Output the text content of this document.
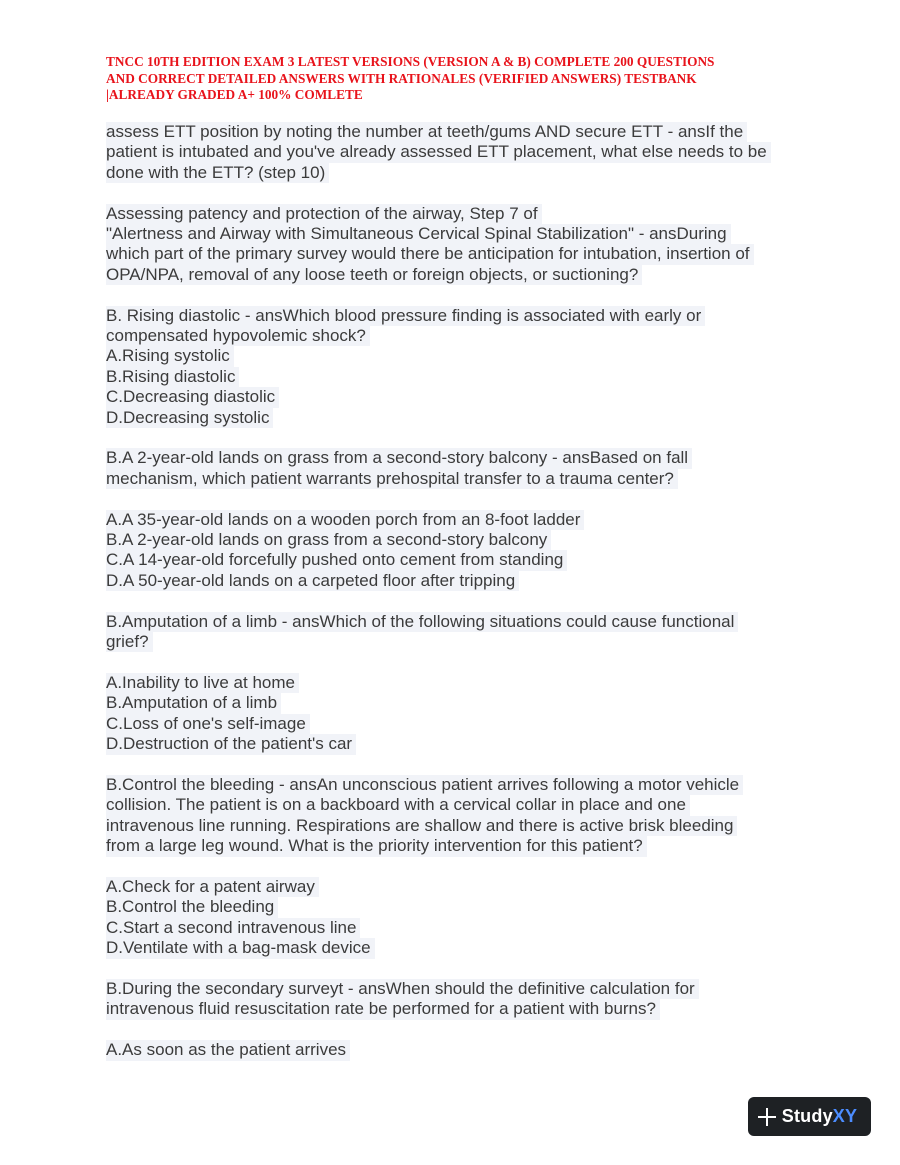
TNCC 10TH EDITION EXAM 3 LATEST VERSIONS (VERSION A & B) COMPLETE 200 QUESTIONS
AND CORRECT DETAILED ANSWERS WITH RATIONALES (VERIFIED ANSWERS) TESTBANK
|ALREADY GRADED A+ 100% COMLETE
assess ETT position by noting the number at teeth/gums AND secure ETT - ansIf the
patient is intubated and you've already assessed ETT placement, what else needs to be
done with the ETT? (step 10)
Assessing patency and protection of the airway, Step 7 of
"Alertness and Airway with Simultaneous Cervical Spinal Stabilization" - ansDuring
which part of the primary survey would there be anticipation for intubation, insertion of
OPA/NPA, removal of any loose teeth or foreign objects, or suctioning?
B. Rising diastolic - ansWhich blood pressure finding is associated with early or
compensated hypovolemic shock?
A.Rising systolic
B.Rising diastolic
C.Decreasing diastolic
D.Decreasing systolic
B.A 2-year-old lands on grass from a second-story balcony - ansBased on fall
mechanism, which patient warrants prehospital transfer to a trauma center?
A.A 35-year-old lands on a wooden porch from an 8-foot ladder
B.A 2-year-old lands on grass from a second-story balcony
C.A 14-year-old forcefully pushed onto cement from standing
D.A 50-year-old lands on a carpeted floor after tripping
B.Amputation of a limb - ansWhich of the following situations could cause functional
grief?
A.Inability to live at home
B.Amputation of a limb
C.Loss of one's self-image
D.Destruction of the patient's car
B.Control the bleeding - ansAn unconscious patient arrives following a motor vehicle
collision. The patient is on a backboard with a cervical collar in place and one
intravenous line running. Respirations are shallow and there is active brisk bleeding
from a large leg wound. What is the priority intervention for this patient?
A.Check for a patent airway
B.Control the bleeding
C.Start a second intravenous line
D.Ventilate with a bag-mask device
B.During the secondary surveyt - ansWhen should the definitive calculation for
intravenous fluid resuscitation rate be performed for a patient with burns?
A.As soon as the patient arrives
StudyXY
